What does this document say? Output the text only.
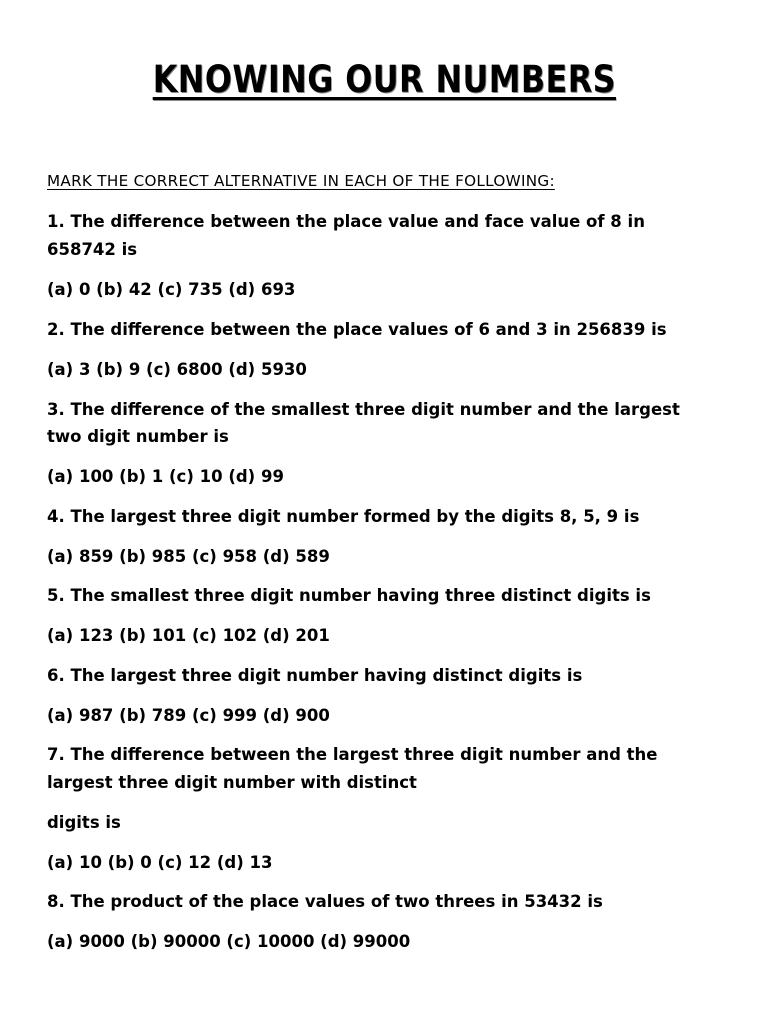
KNOWING OUR NUMBERS
MARK THE CORRECT ALTERNATIVE IN EACH OF THE FOLLOWING:
1. The difference between the place value and face value of 8 in
658742 is
(a) 0 (b) 42 (c) 735 (d) 693
2. The difference between the place values of 6 and 3 in 256839 is
(a) 3 (b) 9 (c) 6800 (d) 5930
3. The difference of the smallest three digit number and the largest
two digit number is
(a) 100 (b) 1 (c) 10 (d) 99
4. The largest three digit number formed by the digits 8, 5, 9 is
(a) 859 (b) 985 (c) 958 (d) 589
5. The smallest three digit number having three distinct digits is
(a) 123 (b) 101 (c) 102 (d) 201
6. The largest three digit number having distinct digits is
(a) 987 (b) 789 (c) 999 (d) 900
7. The difference between the largest three digit number and the
largest three digit number with distinct
digits is
(a) 10 (b) 0 (c) 12 (d) 13
8. The product of the place values of two threes in 53432 is
(a) 9000 (b) 90000 (c) 10000 (d) 99000
